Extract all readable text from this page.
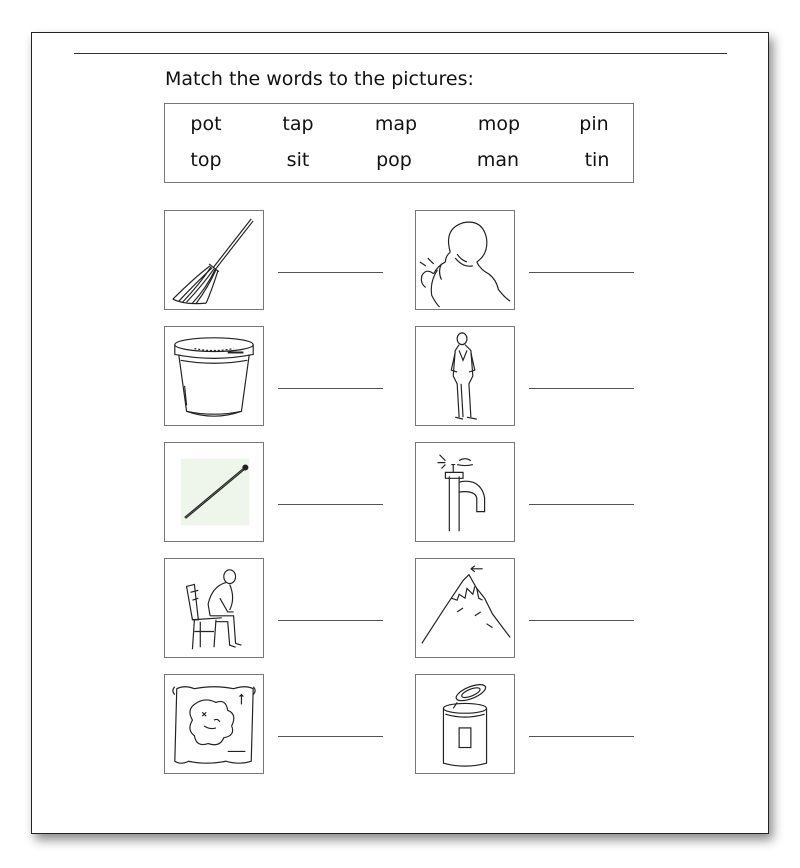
Match the words to the pictures:
pot	tap	map	mop	pin
top	sit	pop	man	tin
